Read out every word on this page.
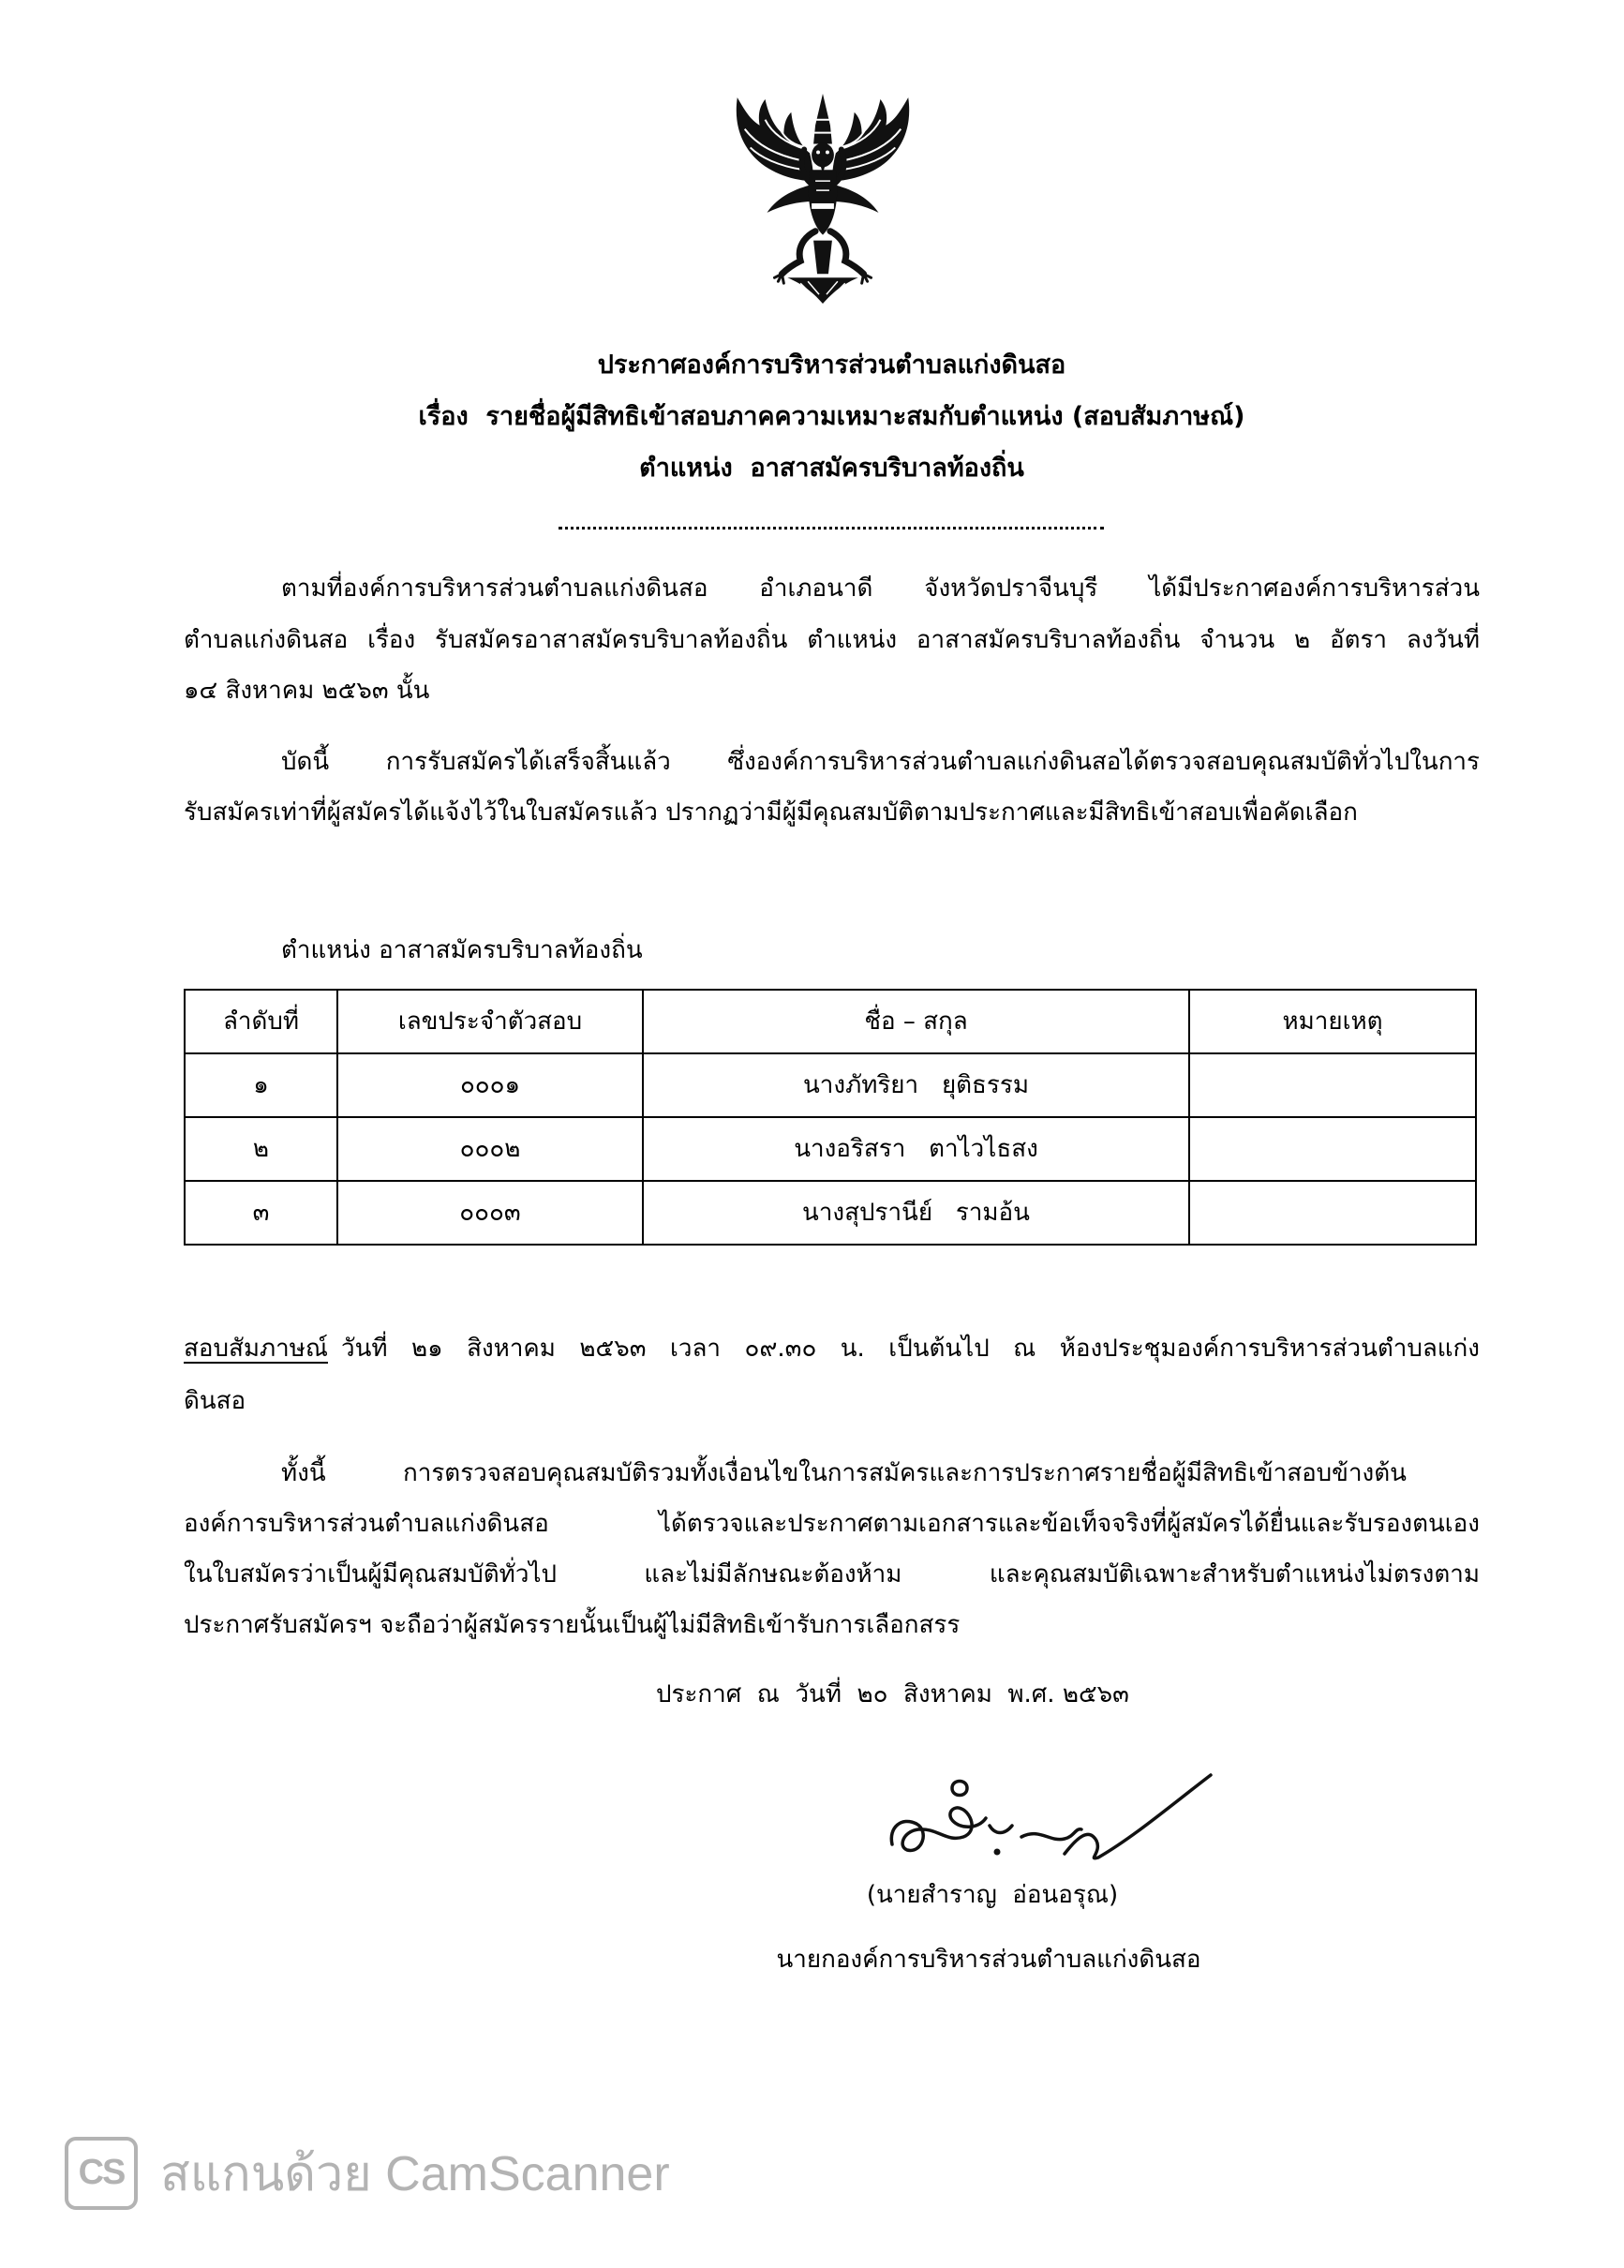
ประกาศองค์การบริหารส่วนตำบลแก่งดินสอ
เรื่อง  รายชื่อผู้มีสิทธิเข้าสอบภาคความเหมาะสมกับตำแหน่ง (สอบสัมภาษณ์)
ตำแหน่ง  อาสาสมัครบริบาลท้องถิ่น
ตามที่องค์การบริหารส่วนตำบลแก่งดินสอ  อำเภอนาดี  จังหวัดปราจีนบุรี  ได้มีประกาศองค์การบริหารส่วน
ตำบลแก่งดินสอ เรื่อง รับสมัครอาสาสมัครบริบาลท้องถิ่น ตำแหน่ง อาสาสมัครบริบาลท้องถิ่น จำนวน ๒ อัตรา ลงวันที่
๑๔ สิงหาคม ๒๕๖๓ นั้น
บัดนี้  การรับสมัครได้เสร็จสิ้นแล้ว  ซึ่งองค์การบริหารส่วนตำบลแก่งดินสอได้ตรวจสอบคุณสมบัติทั่วไปในการ
รับสมัครเท่าที่ผู้สมัครได้แจ้งไว้ในใบสมัครแล้ว ปรากฏว่ามีผู้มีคุณสมบัติตามประกาศและมีสิทธิเข้าสอบเพื่อคัดเลือก
ตำแหน่ง อาสาสมัครบริบาลท้องถิ่น
ลำดับที่	เลขประจำตัวสอบ	ชื่อ – สกุล	หมายเหตุ
๑	๐๐๐๑	นางภัทริยา   ยุติธรรม	
๒	๐๐๐๒	นางอริสรา   ตาไวไธสง	
๓	๐๐๐๓	นางสุปรานีย์   รามอ้น	
สอบสัมภาษณ์ วันที่ ๒๑ สิงหาคม ๒๕๖๓ เวลา ๐๙.๓๐ น. เป็นต้นไป ณ ห้องประชุมองค์การบริหารส่วนตำบลแก่ง
ดินสอ
ทั้งนี้	การตรวจสอบคุณสมบัติรวมทั้งเงื่อนไขในการสมัครและการประกาศรายชื่อผู้มีสิทธิเข้าสอบข้างต้น
องค์การบริหารส่วนตำบลแก่งดินสอ  ได้ตรวจและประกาศตามเอกสารและข้อเท็จจริงที่ผู้สมัครได้ยื่นและรับรองตนเอง
ในใบสมัครว่าเป็นผู้มีคุณสมบัติทั่วไป    และไม่มีลักษณะต้องห้าม    และคุณสมบัติเฉพาะสำหรับตำแหน่งไม่ตรงตาม
ประกาศรับสมัครฯ จะถือว่าผู้สมัครรายนั้นเป็นผู้ไม่มีสิทธิเข้ารับการเลือกสรร
ประกาศ  ณ  วันที่  ๒๐  สิงหาคม  พ.ศ. ๒๕๖๓
(นายสำราญ  อ่อนอรุณ)
นายกองค์การบริหารส่วนตำบลแก่งดินสอ
CS สแกนด้วย CamScanner
